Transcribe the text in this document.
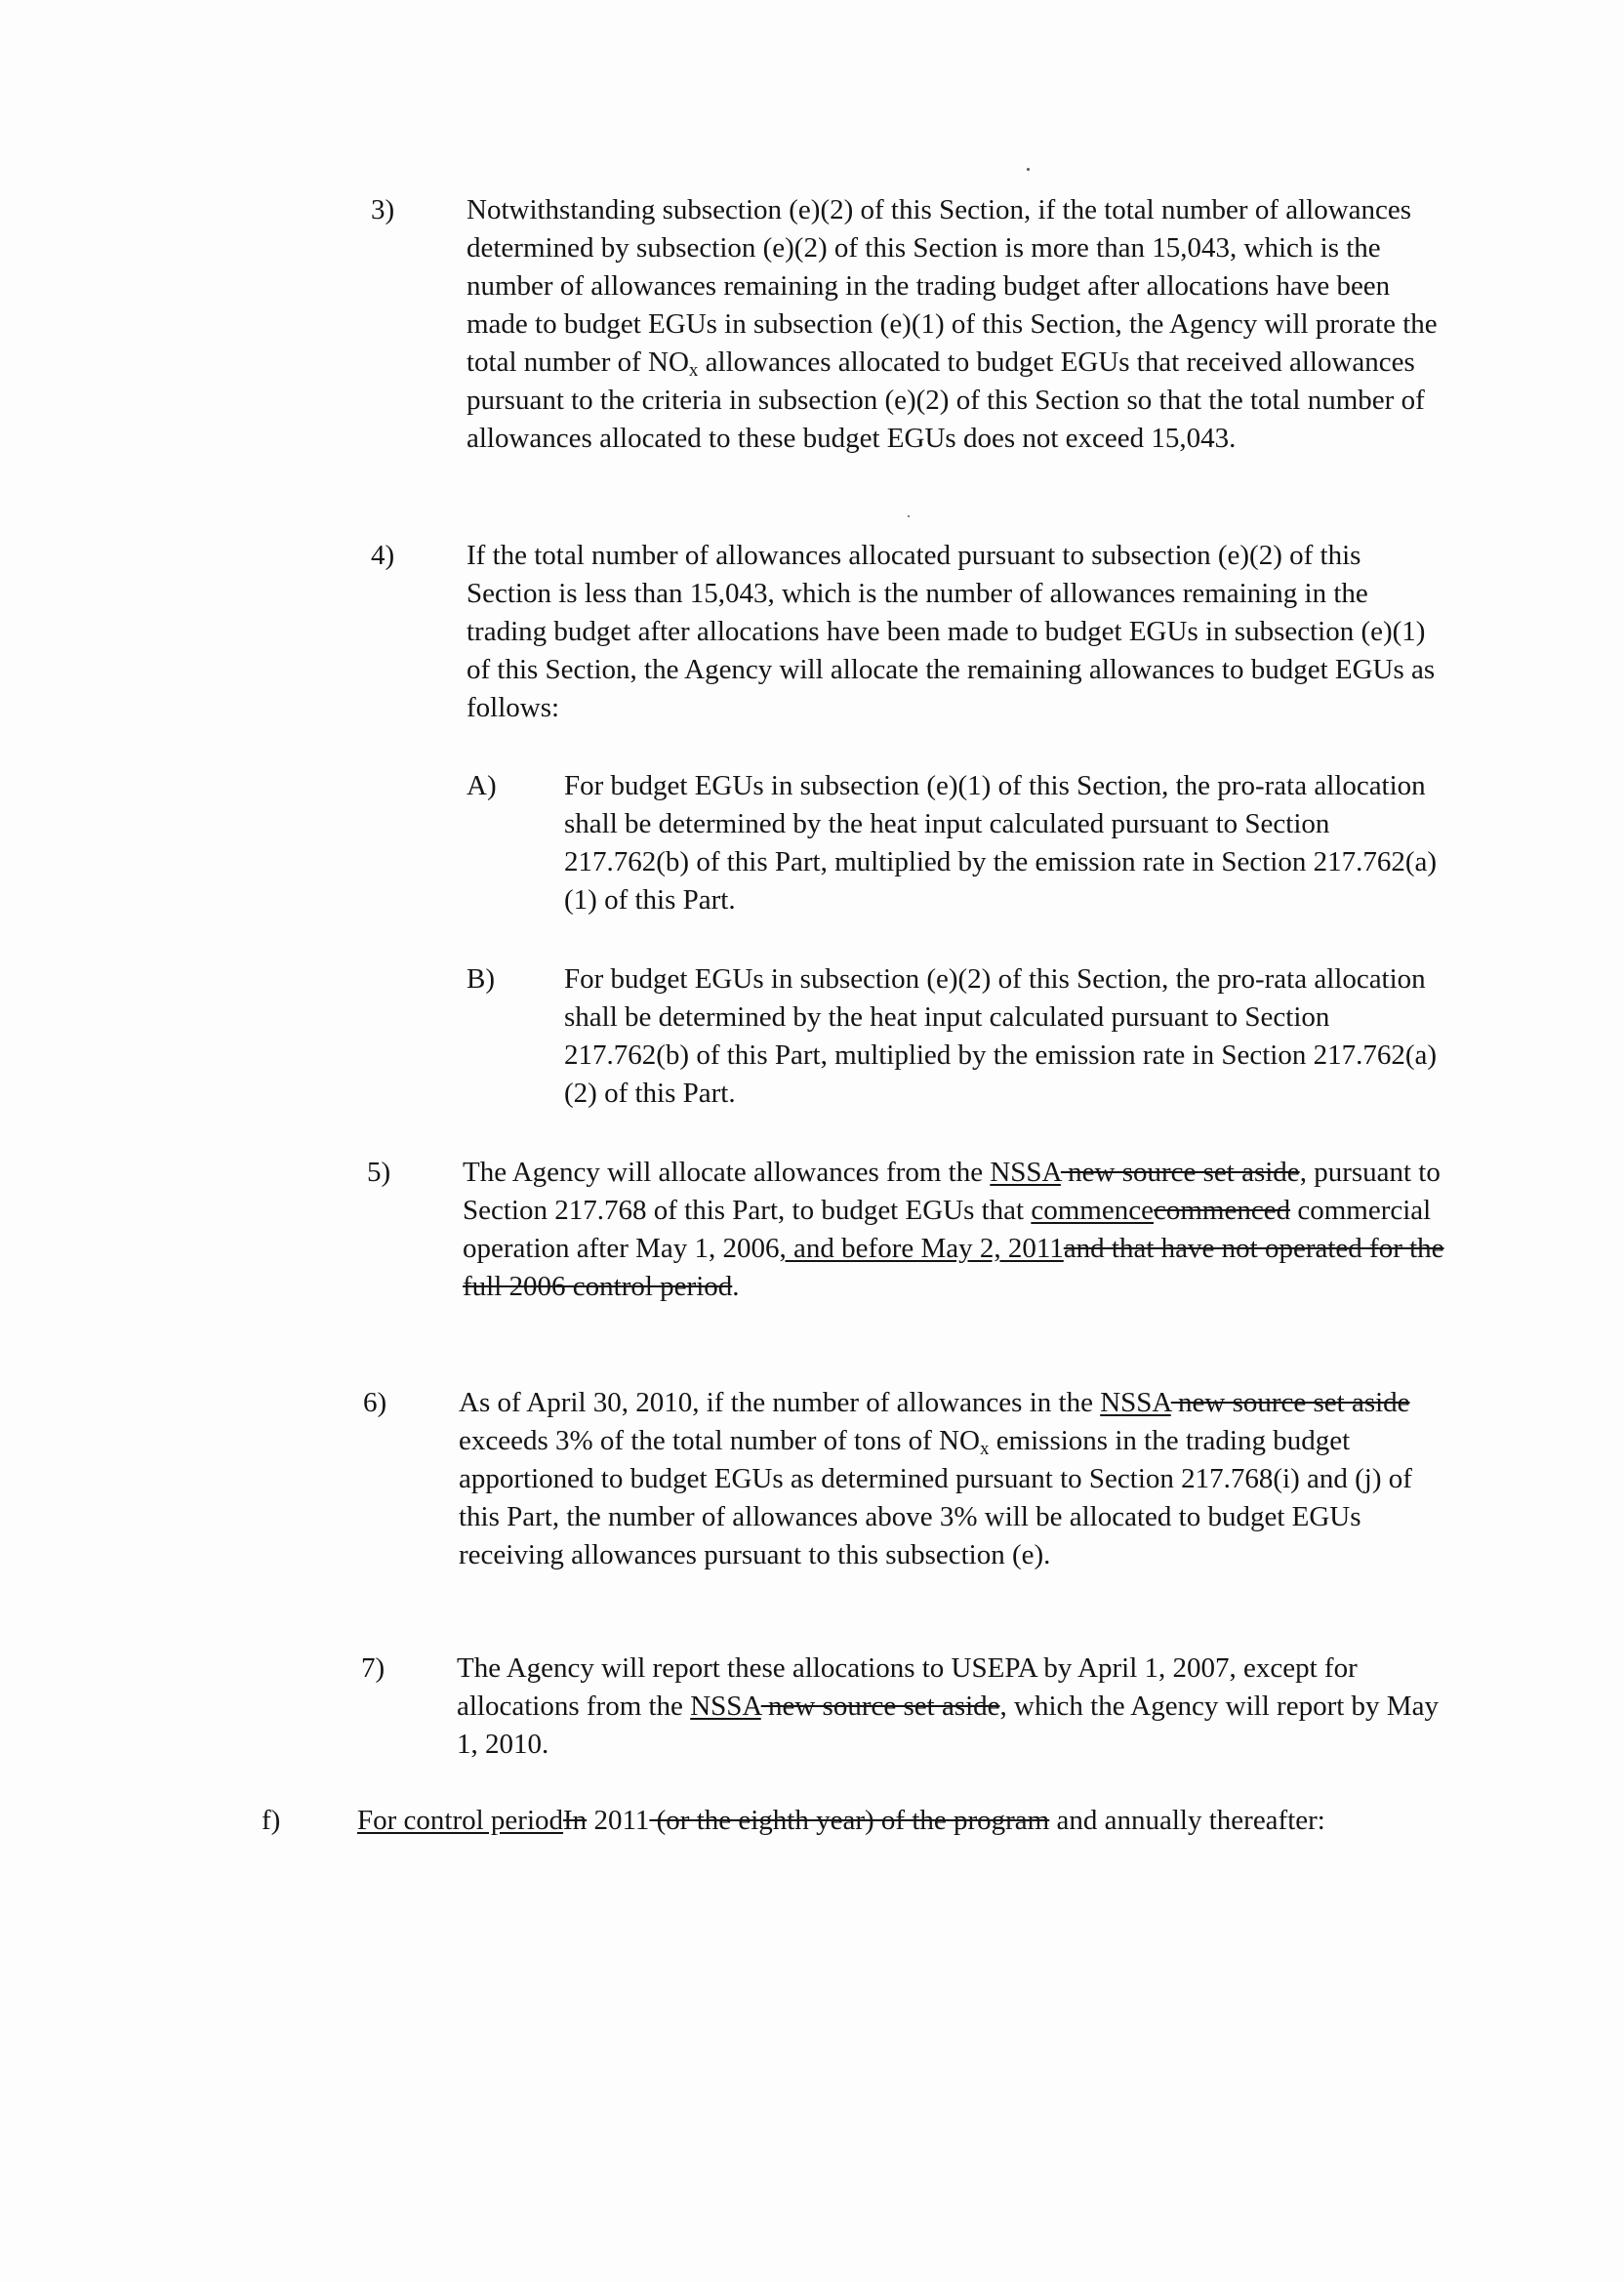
3)	Notwithstanding subsection (e)(2) of this Section, if the total number of allowances determined by subsection (e)(2) of this Section is more than 15,043, which is the number of allowances remaining in the trading budget after allocations have been made to budget EGUs in subsection (e)(1) of this Section, the Agency will prorate the total number of $NO_x$ allowances allocated to budget EGUs that received allowances pursuant to the criteria in subsection (e)(2) of this Section so that the total number of allowances allocated to these budget EGUs does not exceed 15,043.
4)	If the total number of allowances allocated pursuant to subsection (e)(2) of this Section is less than 15,043, which is the number of allowances remaining in the trading budget after allocations have been made to budget EGUs in subsection (e)(1) of this Section, the Agency will allocate the remaining allowances to budget EGUs as follows:
A) For budget EGUs in subsection (e)(1) of this Section, the pro-rata allocation shall be determined by the heat input calculated pursuant to Section 217.762(b) of this Part, multiplied by the emission rate in Section 217.762(a)(1) of this Part.
B) For budget EGUs in subsection (e)(2) of this Section, the pro-rata allocation shall be determined by the heat input calculated pursuant to Section 217.762(b) of this Part, multiplied by the emission rate in Section 217.762(a)(2) of this Part.
5)	The Agency will allocate allowances from the NSSA new source set aside, pursuant to Section 217.768 of this Part, to budget EGUs that commencecommenced commercial operation after May 1, 2006, and before May 2, 2011and that have not operated for the full 2006 control period.
6)	As of April 30, 2010, if the number of allowances in the NSSA new source set aside exceeds 3% of the total number of tons of $NO_x$ emissions in the trading budget apportioned to budget EGUs as determined pursuant to Section 217.768(i) and (j) of this Part, the number of allowances above 3% will be allocated to budget EGUs receiving allowances pursuant to this subsection (e).
7)	The Agency will report these allocations to USEPA by April 1, 2007, except for allocations from the NSSA new source set aside, which the Agency will report by May 1, 2010.
f)	For control periodIn 2011 (or the eighth year) of the program and annually thereafter:
